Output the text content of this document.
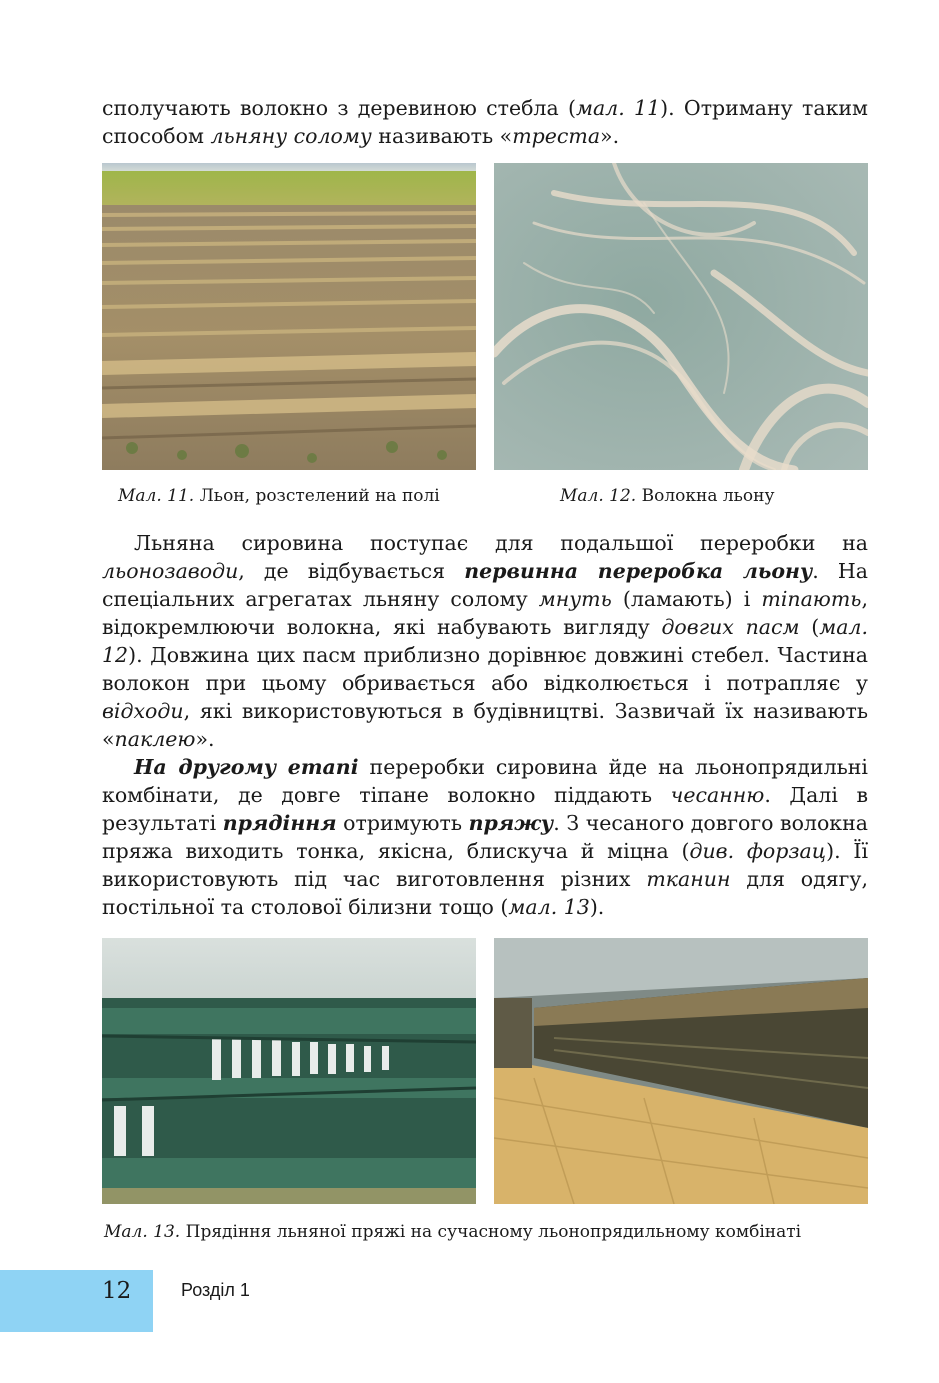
сполучають волокно з деревиною стебла (мал. 11). Отриману таким способом льняну солому називають «треста».

Мал. 11. Льон, розстелений на полі	Мал. 12. Волокна льону

Льняна сировина поступає для подальшої переробки на льонозаводи, де відбувається первинна переробка льону. На спеціальних агрегатах льняну солому мнуть (ламають) і тіпають, відокремлюючи волокна, які набувають вигляду довгих пасм (мал. 12). Довжина цих пасм приблизно дорівнює довжині стебел. Частина волокон при цьому обривається або відколюється і потрапляє у відходи, які використовуються в будівництві. Зазвичай їх називають «паклею».

На другому етапі переробки сировина йде на льонопрядильні комбінати, де довге тіпане волокно піддають чесанню. Далі в результаті прядіння отримують пряжу. З чесаного довгого волокна пряжа виходить тонка, якісна, блискуча й міцна (див. форзац). Її використовують під час виготовлення різних тканин для одягу, постільної та столової білизни тощо (мал. 13).

Мал. 13. Прядіння льняної пряжі на сучасному льонопрядильному комбінаті
12	Розділ 1
